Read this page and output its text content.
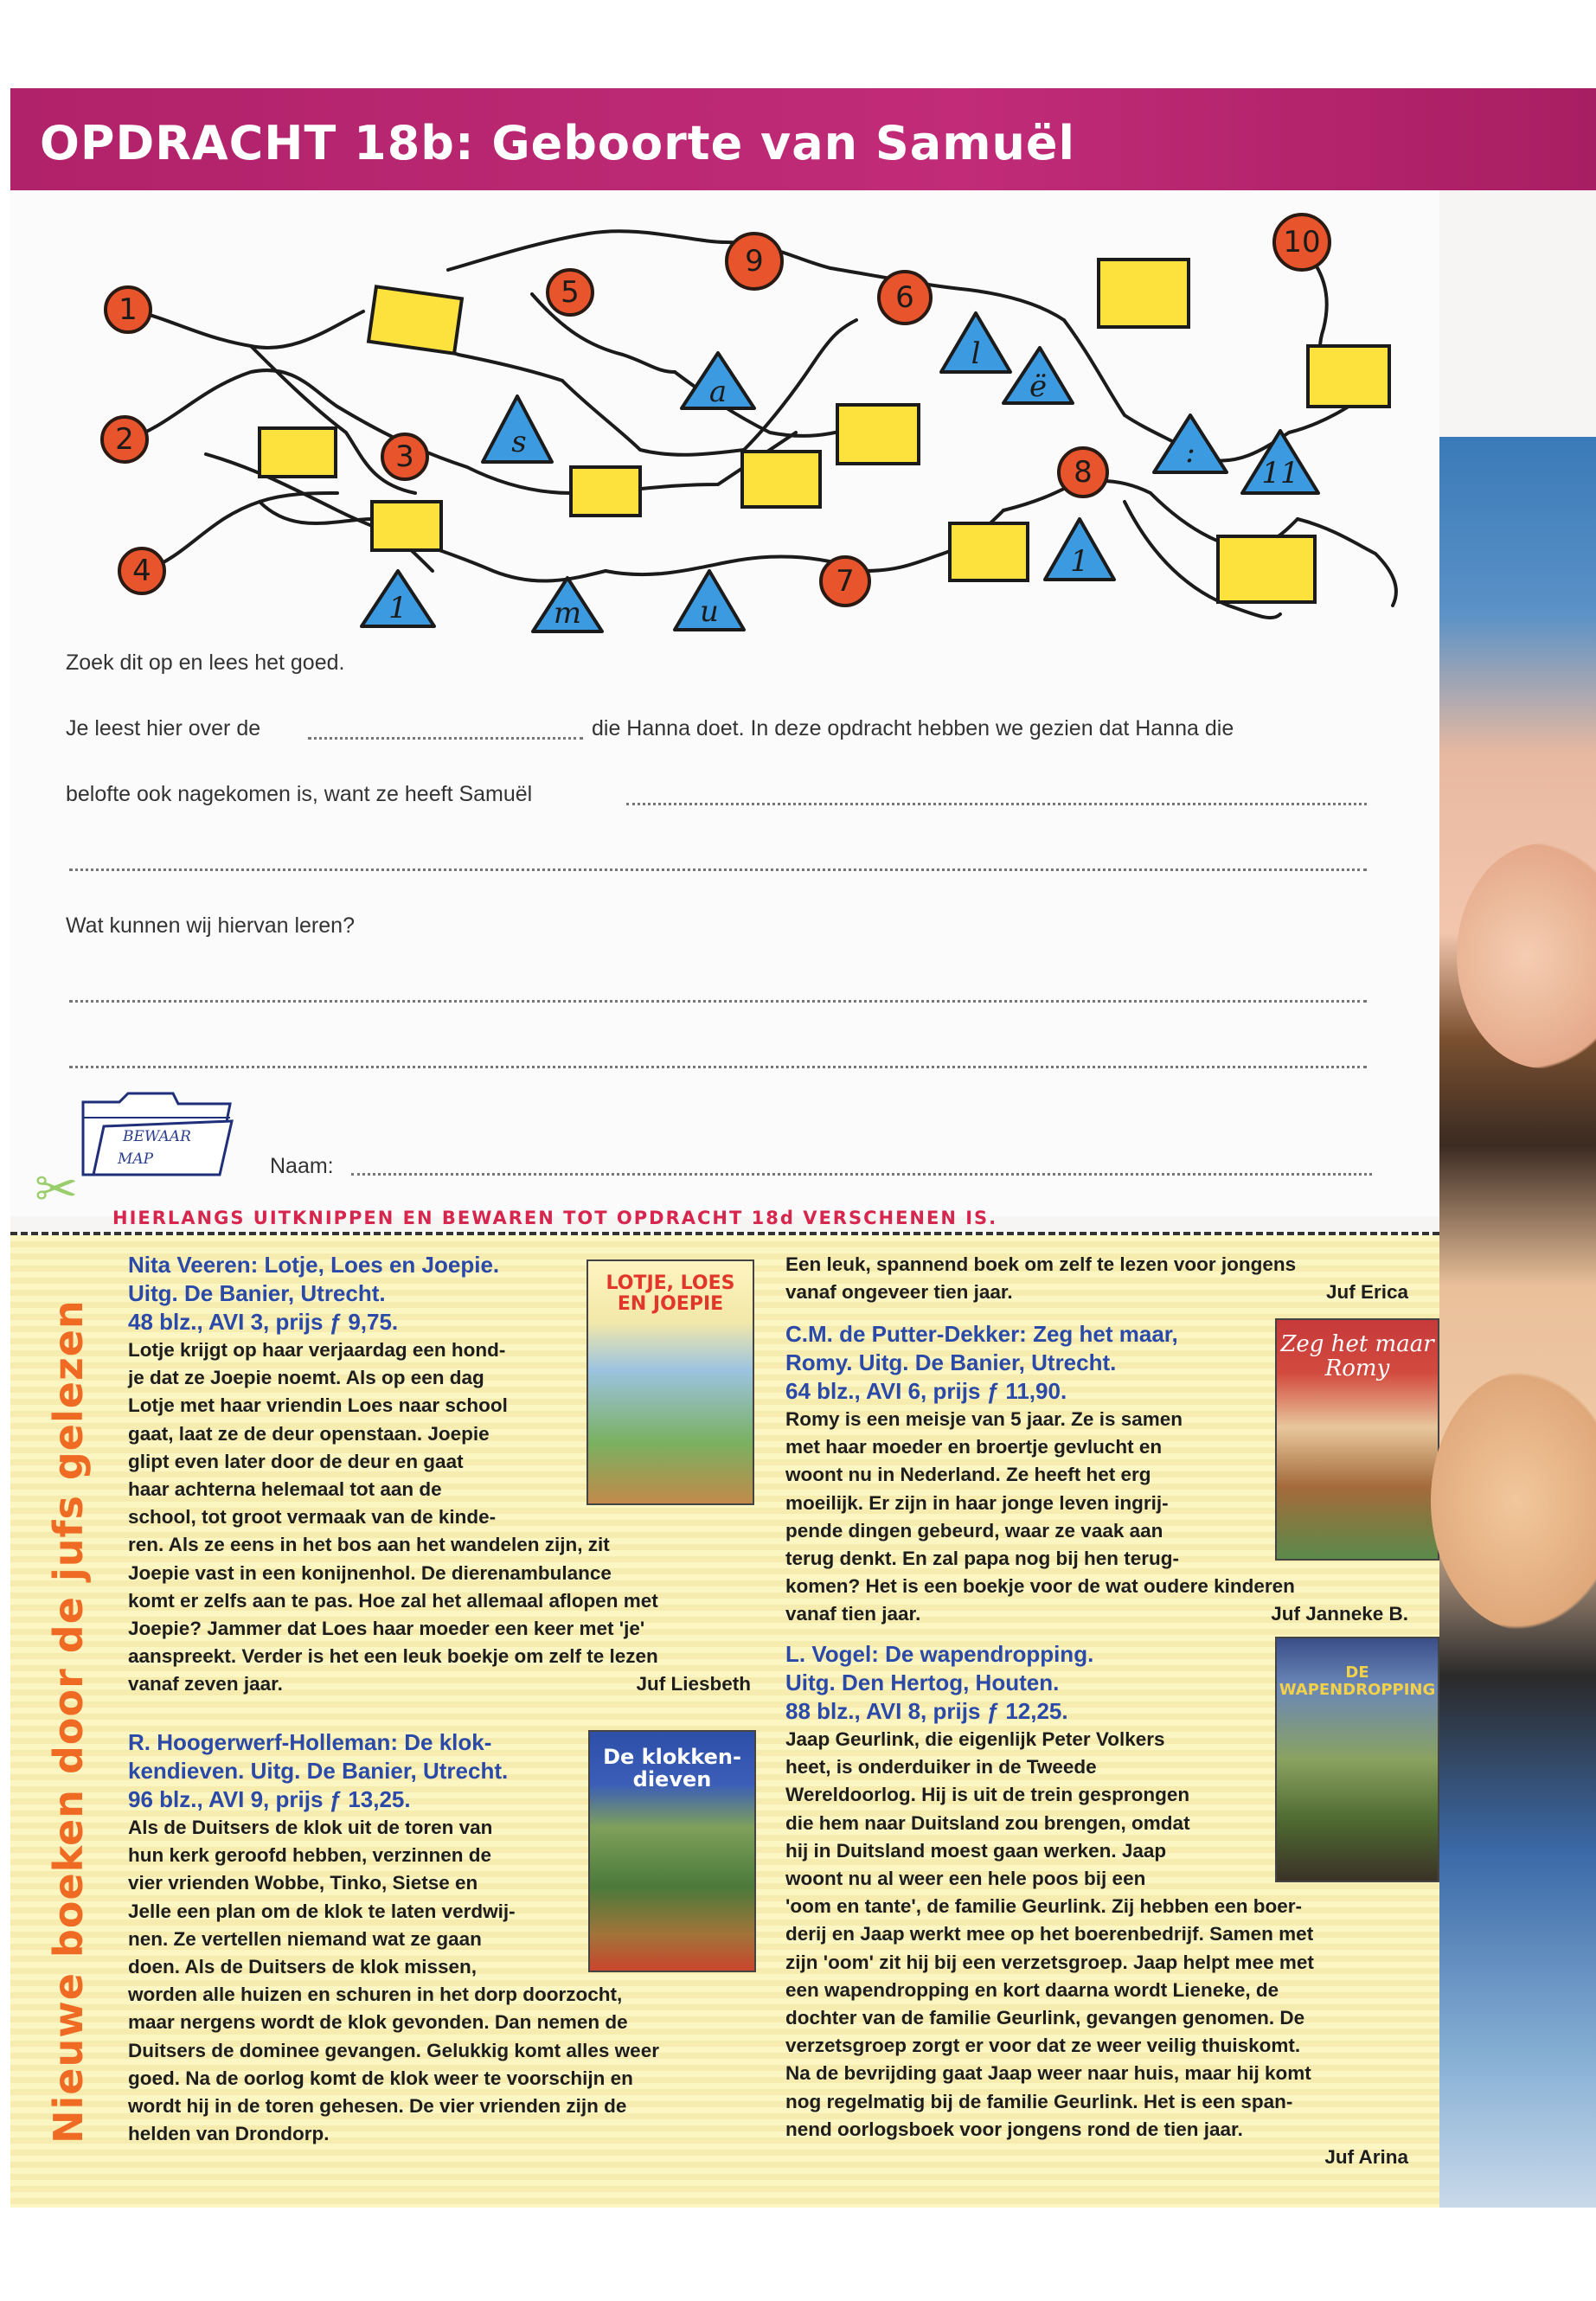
OPDRACHT 18b: Geboorte van Samuël
1
2	3
4
5	6
7
8
9
10
s
a
l
ë
1	m	u
1
:
11
Zoek dit op en lees het goed.
Je leest hier over de	die Hanna doet. In deze opdracht hebben we gezien dat Hanna die
belofte ook nagekomen is, want ze heeft Samuël
Wat kunnen wij hiervan leren?
BEWAAR
MAP	Naam:
✂ HIERLANGS UITKNIPPEN EN BEWAREN TOT OPDRACHT 18d VERSCHENEN IS.
Nieuwe boeken door de jufs gelezen

Nita Veeren: Lotje, Loes en Joepie.

Uitg. De Banier, Utrecht.

48 blz., AVI 3, prijs ƒ 9,75.

Lotje krijgt op haar verjaardag een hond-

je dat ze Joepie noemt. Als op een dag

Lotje met haar vriendin Loes naar school

gaat, laat ze de deur openstaan. Joepie

glipt even later door de deur en gaat

haar achterna helemaal tot aan de

school, tot groot vermaak van de kinde-

ren. Als ze eens in het bos aan het wandelen zijn, zit

Joepie vast in een konijnenhol. De dierenambulance

komt er zelfs aan te pas. Hoe zal het allemaal aflopen met

Joepie? Jammer dat Loes haar moeder een keer met 'je'

aanspreekt. Verder is het een leuk boekje om zelf te lezen

vanaf zeven jaar.	Juf Liesbeth

LOTJE, LOES EN JOEPIE

R. Hoogerwerf-Holleman: De klok-

kendieven. Uitg. De Banier, Utrecht.

96 blz., AVI 9, prijs ƒ 13,25.

Als de Duitsers de klok uit de toren van

hun kerk geroofd hebben, verzinnen de

vier vrienden Wobbe, Tinko, Sietse en

Jelle een plan om de klok te laten verdwij-

nen. Ze vertellen niemand wat ze gaan

doen. Als de Duitsers de klok missen,

worden alle huizen en schuren in het dorp doorzocht,

maar nergens wordt de klok gevonden. Dan nemen de

Duitsers de dominee gevangen. Gelukkig komt alles weer

goed. Na de oorlog komt de klok weer te voorschijn en

wordt hij in de toren gehesen. De vier vrienden zijn de

helden van Drondorp.

De klokken-dieven

Een leuk, spannend boek om zelf te lezen voor jongens

vanaf ongeveer tien jaar.	Juf Erica

C.M. de Putter-Dekker: Zeg het maar,

Romy. Uitg. De Banier, Utrecht.

64 blz., AVI 6, prijs ƒ 11,90.

Romy is een meisje van 5 jaar. Ze is samen

met haar moeder en broertje gevlucht en

woont nu in Nederland. Ze heeft het erg

moeilijk. Er zijn in haar jonge leven ingrij-

pende dingen gebeurd, waar ze vaak aan

terug denkt. En zal papa nog bij hen terug-

komen? Het is een boekje voor de wat oudere kinderen

vanaf tien jaar.	Juf Janneke B.

Zeg het maar Romy

L. Vogel: De wapendropping.

Uitg. Den Hertog, Houten.

88 blz., AVI 8, prijs ƒ 12,25.

Jaap Geurlink, die eigenlijk Peter Volkers

heet, is onderduiker in de Tweede

Wereldoorlog. Hij is uit de trein gesprongen

die hem naar Duitsland zou brengen, omdat

hij in Duitsland moest gaan werken. Jaap

woont nu al weer een hele poos bij een

'oom en tante', de familie Geurlink. Zij hebben een boer-

derij en Jaap werkt mee op het boerenbedrijf. Samen met

zijn 'oom' zit hij bij een verzetsgroep. Jaap helpt mee met

een wapendropping en kort daarna wordt Lieneke, de

dochter van de familie Geurlink, gevangen genomen. De

verzetsgroep zorgt er voor dat ze weer veilig thuiskomt.

Na de bevrijding gaat Jaap weer naar huis, maar hij komt

nog regelmatig bij de familie Geurlink. Het is een span-

nend oorlogsboek voor jongens rond de tien jaar.

Juf Arina

DE WAPENDROPPING
